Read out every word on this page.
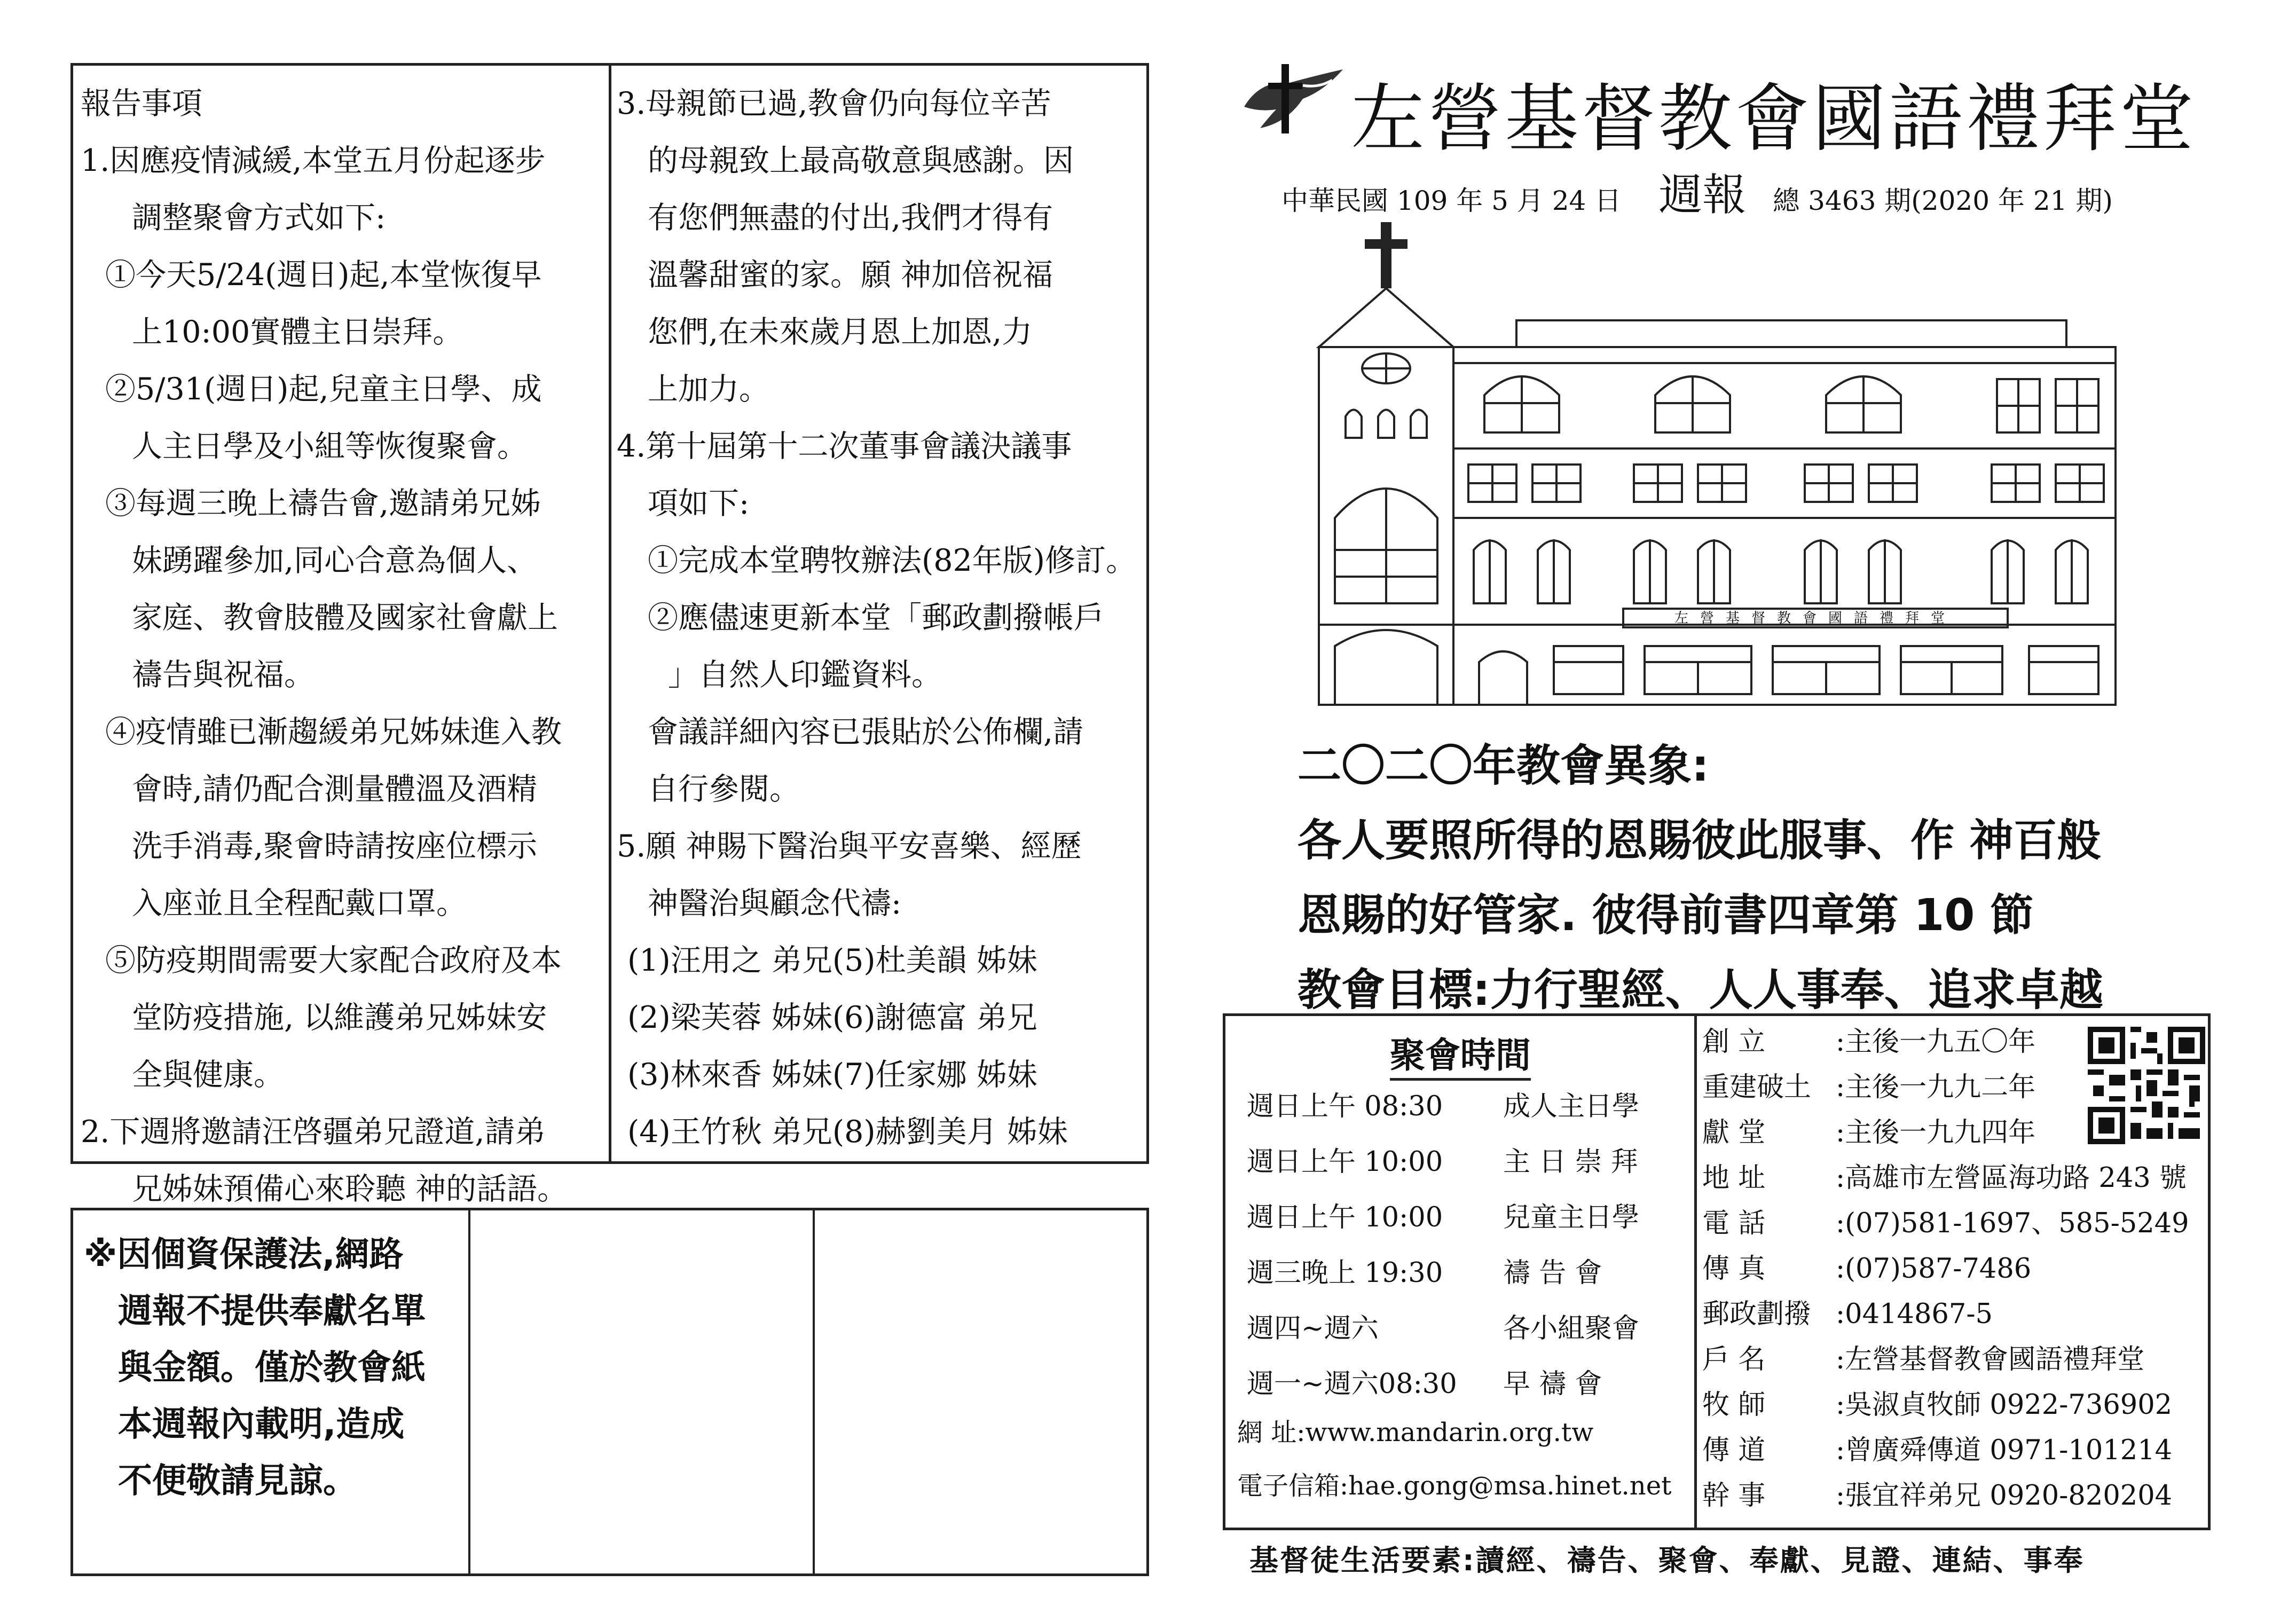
報告事項

1.因應疫情減緩,本堂五月份起逐步

調整聚會方式如下:

①今天5/24(週日)起,本堂恢復早

上10:00實體主日崇拜。

②5/31(週日)起,兒童主日學、成

人主日學及小組等恢復聚會。

③每週三晚上禱告會,邀請弟兄姊

妹踴躍參加,同心合意為個人、

家庭、教會肢體及國家社會獻上

禱告與祝福。

④疫情雖已漸趨緩弟兄姊妹進入教

會時,請仍配合測量體溫及酒精

洗手消毒,聚會時請按座位標示

入座並且全程配戴口罩。

⑤防疫期間需要大家配合政府及本

堂防疫措施, 以維護弟兄姊妹安

全與健康。

2.下週將邀請汪啓疆弟兄證道,請弟

兄姊妹預備心來聆聽 神的話語。

3.母親節已過,教會仍向每位辛苦

的母親致上最高敬意與感謝。因

有您們無盡的付出,我們才得有

溫馨甜蜜的家。願 神加倍祝福

您們,在未來歲月恩上加恩,力

上加力。

4.第十屆第十二次董事會議決議事

項如下:

①完成本堂聘牧辦法(82年版)修訂。

②應儘速更新本堂「郵政劃撥帳戶

」自然人印鑑資料。

會議詳細內容已張貼於公佈欄,請

自行參閱。

5.願 神賜下醫治與平安喜樂、經歷

神醫治與顧念代禱:

(1)汪用之 弟兄(5)杜美韻 姊妹

(2)梁芙蓉 姊妹(6)謝德富 弟兄

(3)林來香 姊妹(7)任家娜 姊妹

(4)王竹秋 弟兄(8)赫劉美月 姊妹

※因個資保護法,網路

週報不提供奉獻名單

與金額。僅於教會紙

本週報內載明,造成

不便敬請見諒。

左營基督教會國語禮拜堂
中華民國 109 年 5 月 24 日 週報 總 3463 期(2020 年 21 期)
左營基督教會國語禮拜堂

二〇二〇年教會異象:

各人要照所得的恩賜彼此服事、作 神百般

恩賜的好管家. 彼得前書四章第 10 節

教會目標:力行聖經、人人事奉、追求卓越

聚會時間
週日上午 08:30	成人主日學
週日上午 10:00	主 日 崇 拜
週日上午 10:00	兒童主日學
週三晚上 19:30	禱 告 會
週四~週六	各小組聚會
週一~週六08:30	早 禱 會
網 址:www.mandarin.org.tw
電子信箱:hae.gong@msa.hinet.net
創 立	:主後一九五〇年
重建破土 :主後一九九二年
獻 堂	:主後一九九四年
地 址	:高雄市左營區海功路 243 號
電 話	:(07)581-1697、585-5249
傳 真	:(07)587-7486
郵政劃撥 :0414867-5
戶 名	:左營基督教會國語禮拜堂
牧 師	:吳淑貞牧師 0922-736902
傳 道	:曾廣舜傳道 0971-101214
幹 事	:張宜祥弟兄 0920-820204
基督徒生活要素:讀經、禱告、聚會、奉獻、見證、連結、事奉
